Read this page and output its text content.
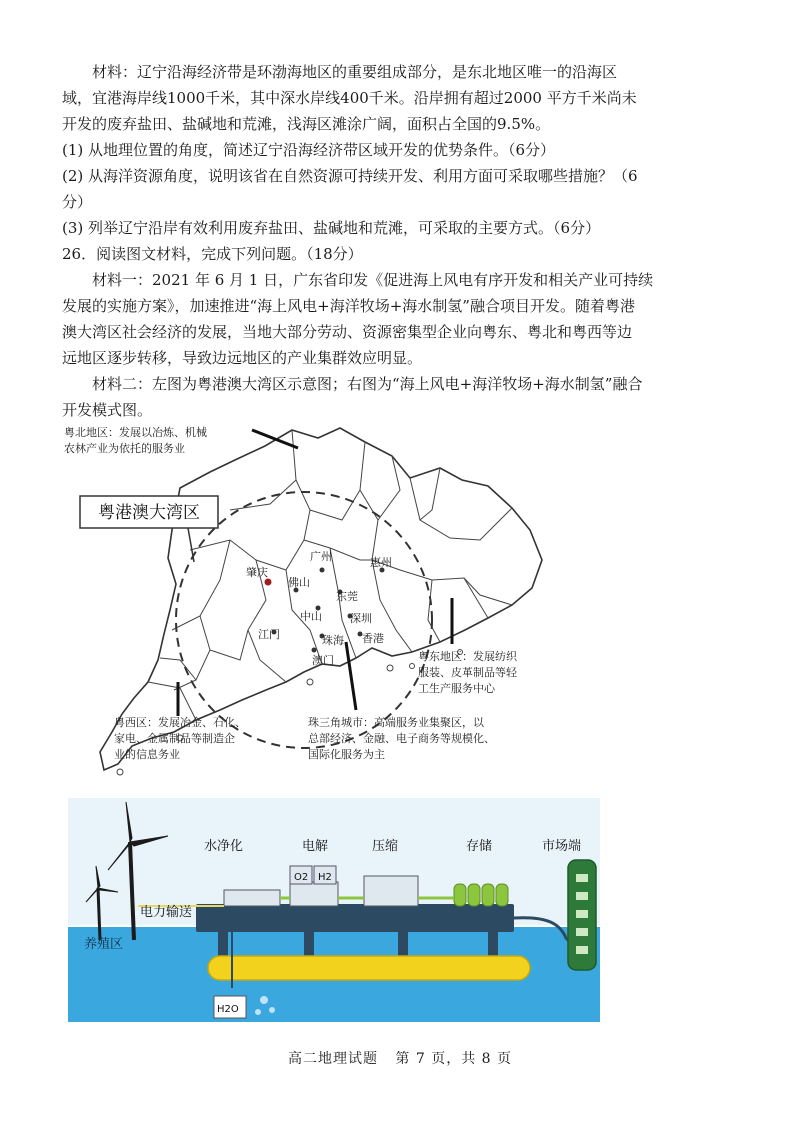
材料：辽宁沿海经济带是环渤海地区的重要组成部分，是东北地区唯一的沿海区
域，宜港海岸线1000千米，其中深水岸线400千米。沿岸拥有超过2000 平方千米尚未
开发的废弃盐田、盐碱地和荒滩，浅海区滩涂广阔，面积占全国的9.5%。
(1) 从地理位置的角度，简述辽宁沿海经济带区域开发的优势条件。（6分）
(2) 从海洋资源角度，说明该省在自然资源可持续开发、利用方面可采取哪些措施？（6
分）
(3) 列举辽宁沿岸有效利用废弃盐田、盐碱地和荒滩，可采取的主要方式。（6分）
26．阅读图文材料，完成下列问题。（18分）
材料一：2021 年 6 月 1 日，广东省印发《促进海上风电有序开发和相关产业可持续
发展的实施方案》，加速推进“海上风电+海洋牧场+海水制氢”融合项目开发。随着粤港
澳大湾区社会经济的发展，当地大部分劳动、资源密集型企业向粤东、粤北和粤西等边
远地区逐步转移，导致边远地区的产业集群效应明显。
材料二：左图为粤港澳大湾区示意图；右图为“海上风电+海洋牧场+海水制氢”融合
开发模式图。
肇庆
佛山
广州	惠州
东莞
中山	深圳
江门	珠海 香港
澳门
粤港澳大湾区
粤北地区：发展以冶炼、机械
农林产业为依托的服务业
粤东地区：发展纺织
服装、皮革制品等轻
工生产服务中心
粤西区：发展冶金、石化、
家电、金属制品等制造企
业的信息务业
珠三角城市：高端服务业集聚区，以
总部经济、金融、电子商务等规模化、
国际化服务为主
水净化	电解	压缩	存储	市场端
电力输送
养殖区
O2 H2
H2O
高二地理试题 第 7 页，共 8 页
